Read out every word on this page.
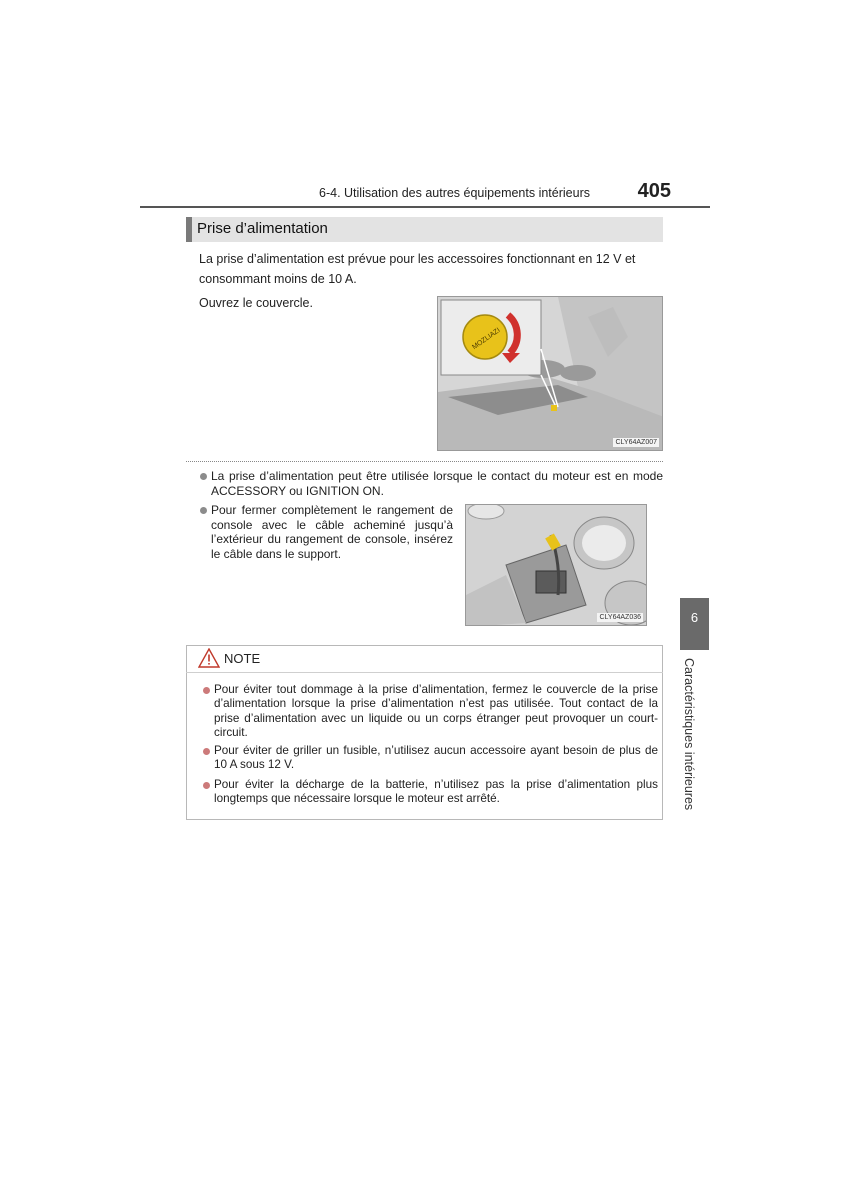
6-4. Utilisation des autres équipements intérieurs	405
Prise d’alimentation
La prise d’alimentation est prévue pour les accessoires fonctionnant en 12 V et consommant moins de 10 A.
Ouvrez le couvercle.
MOZLIAZI
CLY64AZ007
La prise d’alimentation peut être utilisée lorsque le contact du moteur est en mode ACCESSORY ou IGNITION ON.
Pour fermer complètement le rangement de console avec le câble acheminé jusqu’à l’extérieur du rangement de console, insérez le câble dans le support.
CLY64AZ036
NOTE
Pour éviter tout dommage à la prise d’alimentation, fermez le couvercle de la prise d’alimentation lorsque la prise d’alimentation n’est pas utilisée. Tout contact de la prise d’alimentation avec un liquide ou un corps étranger peut provoquer un court-circuit.
Pour éviter de griller un fusible, n’utilisez aucun accessoire ayant besoin de plus de 10 A sous 12 V.
Pour éviter la décharge de la batterie, n’utilisez pas la prise d’alimentation plus longtemps que nécessaire lorsque le moteur est arrêté.
6
Caractéristiques intérieures
